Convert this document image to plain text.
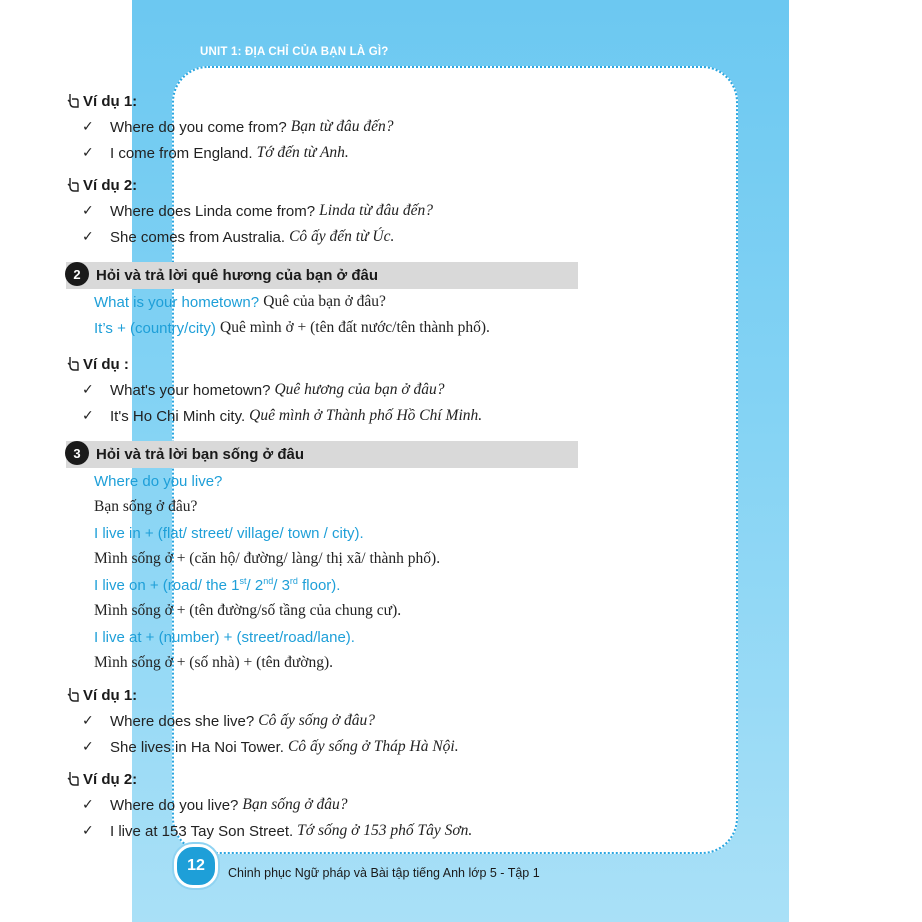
UNIT 1: ĐỊA CHỈ CỦA BẠN LÀ GÌ?
12	Chinh phục Ngữ pháp và Bài tập tiếng Anh lớp 5 - Tập 1
Ví dụ 1:
✓	Where do you come from? Bạn từ đâu đến?
✓	I come from England. Tớ đến từ Anh.
Ví dụ 2:
✓	Where does Linda come from? Linda từ đâu đến?
✓	She comes from Australia. Cô ấy đến từ Úc.
2	Hỏi và trả lời quê hương của bạn ở đâu
What is your hometown?
Quê của bạn ở đâu?
It’s + (country/city)
Quê mình ở + (tên đất nước/tên thành phố).
Ví dụ :
✓	What's your hometown? Quê hương của bạn ở đâu?
✓	It's Ho Chi Minh city. Quê mình ở Thành phố Hồ Chí Minh.
3	Hỏi và trả lời bạn sống ở đâu
Where do you live?
Bạn sống ở đâu?
I live in + (flat/ street/ village/ town / city).
Mình sống ở + (căn hộ/ đường/ làng/ thị xã/ thành phố).
I live on + (road/ the 1st/ 2nd/ 3rd floor).
Mình sống ở + (tên đường/số tầng của chung cư).
I live at + (number) + (street/road/lane).
Mình sống ở + (số nhà) + (tên đường).
Ví dụ 1:
✓	Where does she live? Cô ấy sống ở đâu?
✓	She lives in Ha Noi Tower. Cô ấy sống ở Tháp Hà Nội.
Ví dụ 2:
✓	Where do you live? Bạn sống ở đâu?
✓	I live at 153 Tay Son Street. Tớ sống ở 153 phố Tây Sơn.
